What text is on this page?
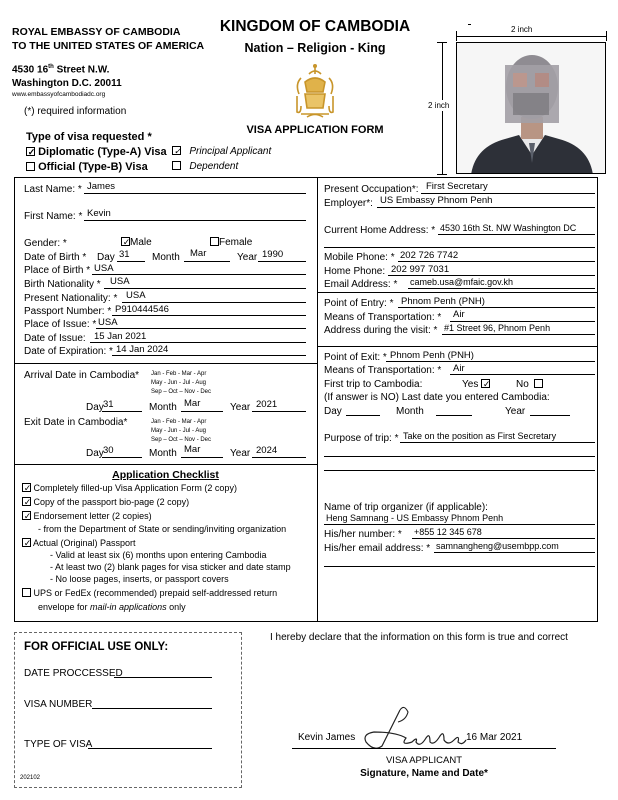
ROYAL EMBASSY OF CAMBODIA
TO THE UNITED STATES OF AMERICA
4530 16th Street N.W.
Washington D.C. 20011
www.embassyofcambodiadc.org
(*) required information
KINGDOM OF CAMBODIA
Nation – Religion - King
VISA APPLICATION FORM
2 inch
2 inch
Type of visa requested *
✓ Diplomatic (Type-A) Visa
Official (Type-B) Visa
✓   Principal Applicant
Dependent
Last Name: * James
First Name: * Kevin
Gender: * ✓	Male	Female
Date of Birth * Day 31 Month Mar	Year 1990
Place of Birth * USA
Birth Nationality * USA
Present Nationality: * USA
Passport Number: * P910444546
Place of Issue: * USA
Date of Issue: 15 Jan 2021
Date of Expiration: * 14 Jan 2024
Arrival Date in Cambodia* Jan - Feb - Mar - Apr
May - Jun - Jul - Aug
Sep – Oct – Nov - Dec
Day 31	Month Mar	Year 2021
Exit Date in Cambodia*	Jan - Feb - Mar - Apr
May - Jun - Jul - Aug
Sep – Oct – Nov - Dec
Day 30	Month Mar	Year 2024
Application Checklist
✓ Completely filled-up Visa Application Form (2 copy)
✓ Copy of the passport bio-page (2 copy)
✓ Endorsement letter (2 copies)
- from the Department of State or sending/inviting organization
✓ Actual (Original) Passport
- Valid at least six (6) months upon entering Cambodia
- At least two (2) blank pages for visa sticker and date stamp
- No loose pages, inserts, or passport covers
UPS or FedEx (recommended) prepaid self-addressed return
envelope for mail-in applications only
Present Occupation*: First Secretary
Employer*: US Embassy Phnom Penh
Current Home Address: * 4530 16th St. NW Washington DC
Mobile Phone: * 202 726 7742
Home Phone: 202 997 7031
Email Address: * cameb.usa@mfaic.gov.kh
Point of Entry: * Phnom Penh (PNH)
Means of Transportation: * Air
Address during the visit: * #1 Street 96, Phnom Penh
Point of Exit: * Phnom Penh (PNH)
Means of Transportation: * Air
First trip to Cambodia:	Yes ✓	No
(If answer is NO) Last date you entered Cambodia:
Day	Month	Year
Purpose of trip: * Take on the position as First Secretary
Name of trip organizer (if applicable):
Heng Samnang - US Embassy Phnom Penh
His/her number: * +855 12 345 678
His/her email address: * samnangheng@usembpp.com
FOR OFFICIAL USE ONLY:
DATE PROCCESSED
VISA NUMBER
TYPE OF VISA
202102
I hereby declare that the information on this form is true and correct
Kevin James	16 Mar 2021
VISA APPLICANT
Signature, Name and Date*
